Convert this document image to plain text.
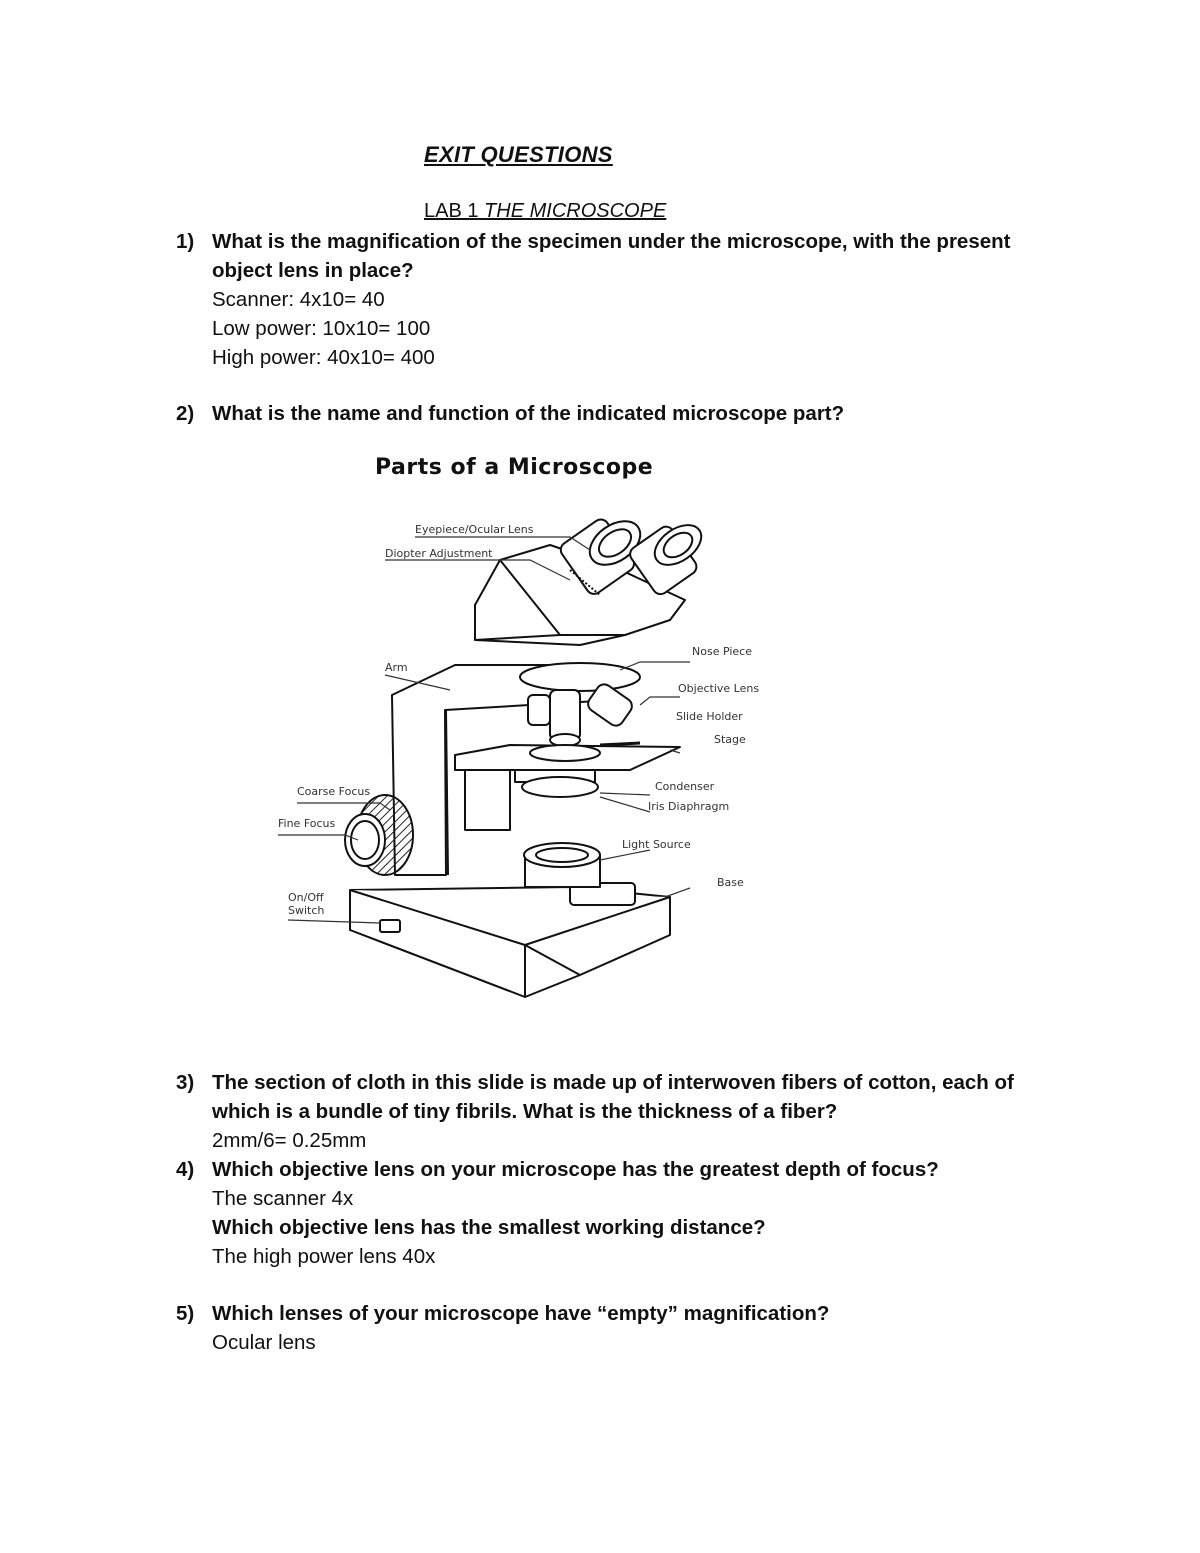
EXIT QUESTIONS
LAB 1 THE MICROSCOPE
1) What is the magnification of the specimen under the microscope, with the present object lens in place?
Scanner: 4x10= 40
Low power: 10x10= 100
High power: 40x10= 400
2) What is the name and function of the indicated microscope part?
Parts of a Microscope
Eyepiece/Ocular Lens
Diopter Adjustment
Arm
Nose Piece
Objective Lens
Slide Holder
Stage
Condenser
Iris Diaphragm
Coarse Focus
Fine Focus
Light Source
Base
On/Off
Switch
3) The section of cloth in this slide is made up of interwoven fibers of cotton, each of which is a bundle of tiny fibrils. What is the thickness of a fiber?
2mm/6= 0.25mm
4) Which objective lens on your microscope has the greatest depth of focus?
The scanner 4x
Which objective lens has the smallest working distance?
The high power lens 40x
5) Which lenses of your microscope have “empty” magnification?
Ocular lens
